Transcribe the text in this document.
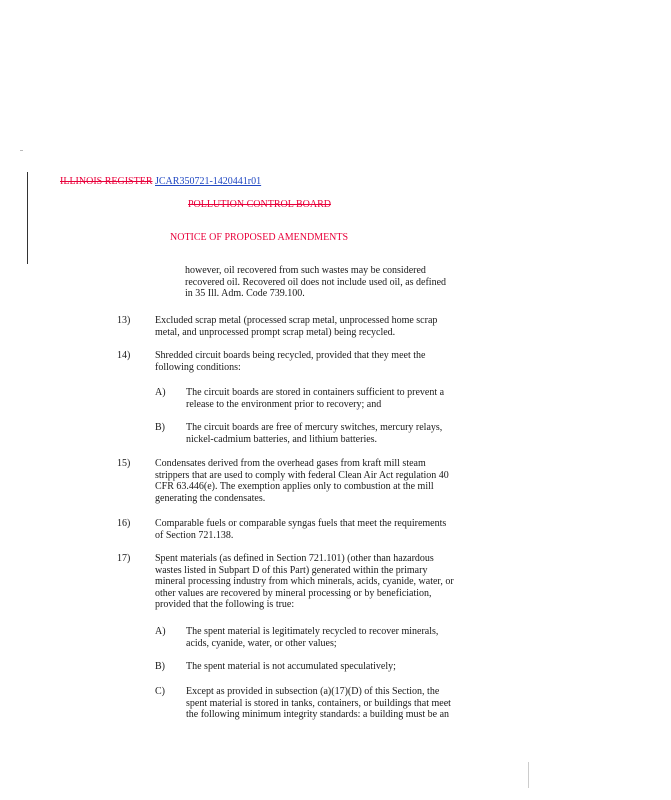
ILLINOIS REGISTER JCAR350721-1420441r01
POLLUTION CONTROL BOARD
NOTICE OF PROPOSED AMENDMENTS
however, oil recovered from such wastes may be considered
recovered oil. Recovered oil does not include used oil, as defined
in 35 Ill. Adm. Code 739.100.
13)	Excluded scrap metal (processed scrap metal, unprocessed home scrap
metal, and unprocessed prompt scrap metal) being recycled.
14)	Shredded circuit boards being recycled, provided that they meet the
following conditions:
A)	The circuit boards are stored in containers sufficient to prevent a
release to the environment prior to recovery; and
B)	The circuit boards are free of mercury switches, mercury relays,
nickel-cadmium batteries, and lithium batteries.
15)	Condensates derived from the overhead gases from kraft mill steam
strippers that are used to comply with federal Clean Air Act regulation 40
CFR 63.446(e). The exemption applies only to combustion at the mill
generating the condensates.
16)	Comparable fuels or comparable syngas fuels that meet the requirements
of Section 721.138.
17)	Spent materials (as defined in Section 721.101) (other than hazardous
wastes listed in Subpart D of this Part) generated within the primary
mineral processing industry from which minerals, acids, cyanide, water, or
other values are recovered by mineral processing or by beneficiation,
provided that the following is true:
A)	The spent material is legitimately recycled to recover minerals,
acids, cyanide, water, or other values;
B)	The spent material is not accumulated speculatively;
C)	Except as provided in subsection (a)(17)(D) of this Section, the
spent material is stored in tanks, containers, or buildings that meet
the following minimum integrity standards: a building must be an
